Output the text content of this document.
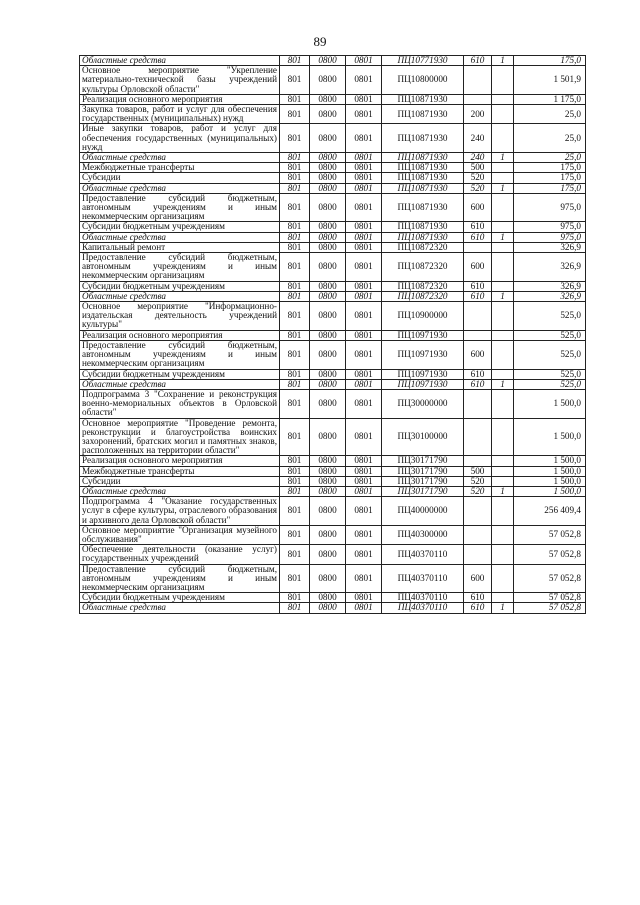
89
Областные средства	801	0800	0801	ПЦ10771930	610	1	175,0
Основное мероприятие "Укрепление материально-технической базы учреждений культуры Орловской области"	801	0800	0801	ПЦ10800000			1 501,9
Реализация основного мероприятия	801	0800	0801	ПЦ10871930			1 175,0
Закупка товаров, работ и услуг для обеспечения государственных (муниципальных) нужд	801	0800	0801	ПЦ10871930	200		25,0
Иные закупки товаров, работ и услуг для обеспечения государственных (муниципальных) нужд	801	0800	0801	ПЦ10871930	240		25,0
Областные средства	801	0800	0801	ПЦ10871930	240	1	25,0
Межбюджетные трансферты	801	0800	0801	ПЦ10871930	500		175,0
Субсидии	801	0800	0801	ПЦ10871930	520		175,0
Областные средства	801	0800	0801	ПЦ10871930	520	1	175,0
Предоставление субсидий бюджетным, автономным учреждениям и иным некоммерческим организациям	801	0800	0801	ПЦ10871930	600		975,0
Субсидии бюджетным учреждениям	801	0800	0801	ПЦ10871930	610		975,0
Областные средства	801	0800	0801	ПЦ10871930	610	1	975,0
Капитальный ремонт	801	0800	0801	ПЦ10872320			326,9
Предоставление субсидий бюджетным, автономным учреждениям и иным некоммерческим организациям	801	0800	0801	ПЦ10872320	600		326,9
Субсидии бюджетным учреждениям	801	0800	0801	ПЦ10872320	610		326,9
Областные средства	801	0800	0801	ПЦ10872320	610	1	326,9
Основное мероприятие "Информационно-издательская деятельность учреждений культуры"	801	0800	0801	ПЦ10900000			525,0
Реализация основного мероприятия	801	0800	0801	ПЦ10971930			525,0
Предоставление субсидий бюджетным, автономным учреждениям и иным некоммерческим организациям	801	0800	0801	ПЦ10971930	600		525,0
Субсидии бюджетным учреждениям	801	0800	0801	ПЦ10971930	610		525,0
Областные средства	801	0800	0801	ПЦ10971930	610	1	525,0
Подпрограмма 3 "Сохранение и реконструкция военно-мемориальных объектов в Орловской области"	801	0800	0801	ПЦ30000000			1 500,0
Основное мероприятие "Проведение ремонта, реконструкции и благоустройства воинских захоронений, братских могил и памятных знаков, расположенных на территории области"	801	0800	0801	ПЦ30100000			1 500,0
Реализация основного мероприятия	801	0800	0801	ПЦ30171790			1 500,0
Межбюджетные трансферты	801	0800	0801	ПЦ30171790	500		1 500,0
Субсидии	801	0800	0801	ПЦ30171790	520		1 500,0
Областные средства	801	0800	0801	ПЦ30171790	520	1	1 500,0
Подпрограмма 4 "Оказание государственных услуг в сфере культуры, отраслевого образования и архивного дела Орловской области"	801	0800	0801	ПЦ40000000			256 409,4
Основное мероприятие "Организация музейного обслуживания"	801	0800	0801	ПЦ40300000			57 052,8
Обеспечение деятельности (оказание услуг) государственных учреждений	801	0800	0801	ПЦ40370110			57 052,8
Предоставление субсидий бюджетным, автономным учреждениям и иным некоммерческим организациям	801	0800	0801	ПЦ40370110	600		57 052,8
Субсидии бюджетным учреждениям	801	0800	0801	ПЦ40370110	610		57 052,8
Областные средства	801	0800	0801	ПЦ40370110	610	1	57 052,8
